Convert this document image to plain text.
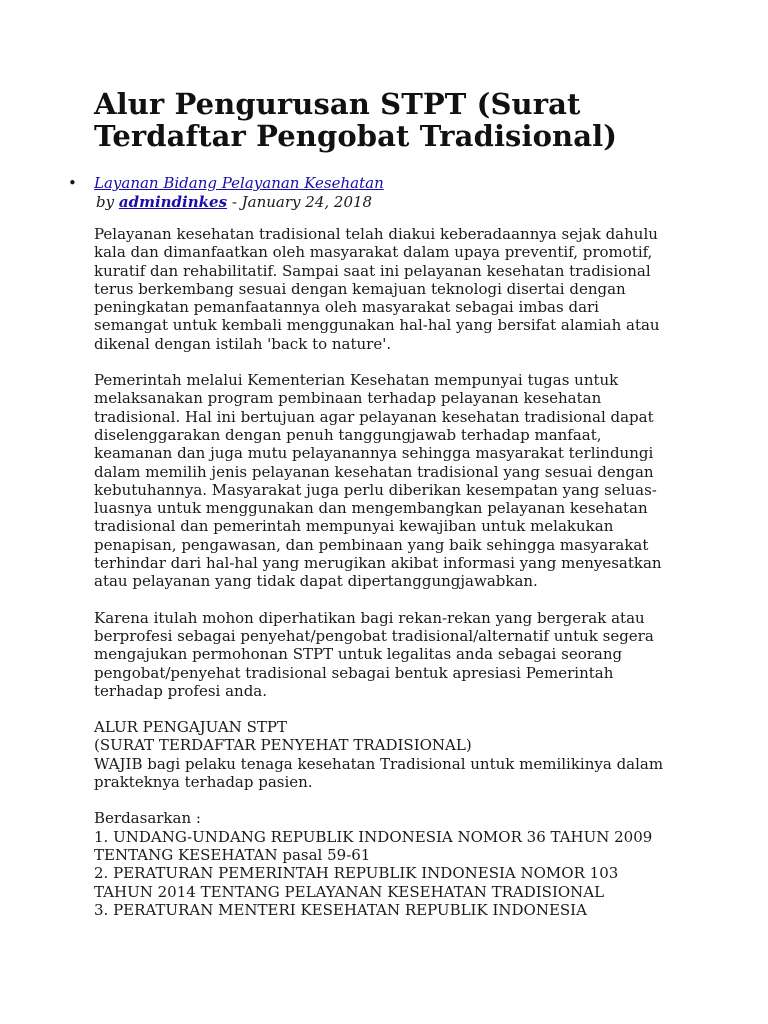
Alur Pengurusan STPT (Surat
Terdaftar Pengobat Tradisional)
• Layanan Bidang Pelayanan Kesehatan
by admindinkes - January 24, 2018

Pelayanan kesehatan tradisional telah diakui keberadaannya sejak dahulu
kala dan dimanfaatkan oleh masyarakat dalam upaya preventif, promotif,
kuratif dan rehabilitatif. Sampai saat ini pelayanan kesehatan tradisional
terus berkembang sesuai dengan kemajuan teknologi disertai dengan
peningkatan pemanfaatannya oleh masyarakat sebagai imbas dari
semangat untuk kembali menggunakan hal-hal yang bersifat alamiah atau
dikenal dengan istilah 'back to nature'.

Pemerintah melalui Kementerian Kesehatan mempunyai tugas untuk
melaksanakan program pembinaan terhadap pelayanan kesehatan
tradisional. Hal ini bertujuan agar pelayanan kesehatan tradisional dapat
diselenggarakan dengan penuh tanggungjawab terhadap manfaat,
keamanan dan juga mutu pelayanannya sehingga masyarakat terlindungi
dalam memilih jenis pelayanan kesehatan tradisional yang sesuai dengan
kebutuhannya. Masyarakat juga perlu diberikan kesempatan yang seluas-
luasnya untuk menggunakan dan mengembangkan pelayanan kesehatan
tradisional dan pemerintah mempunyai kewajiban untuk melakukan
penapisan, pengawasan, dan pembinaan yang baik sehingga masyarakat
terhindar dari hal-hal yang merugikan akibat informasi yang menyesatkan
atau pelayanan yang tidak dapat dipertanggungjawabkan.

Karena itulah mohon diperhatikan bagi rekan-rekan yang bergerak atau
berprofesi sebagai penyehat/pengobat tradisional/alternatif untuk segera
mengajukan permohonan STPT untuk legalitas anda sebagai seorang
pengobat/penyehat tradisional sebagai bentuk apresiasi Pemerintah
terhadap profesi anda.

ALUR PENGAJUAN STPT
(SURAT TERDAFTAR PENYEHAT TRADISIONAL)
WAJIB bagi pelaku tenaga kesehatan Tradisional untuk memilikinya dalam
prakteknya terhadap pasien.
Berdasarkan :
1. UNDANG-UNDANG REPUBLIK INDONESIA NOMOR 36 TAHUN 2009
TENTANG KESEHATAN pasal 59-61
2. PERATURAN PEMERINTAH REPUBLIK INDONESIA NOMOR 103
TAHUN 2014 TENTANG PELAYANAN KESEHATAN TRADISIONAL
3. PERATURAN MENTERI KESEHATAN REPUBLIK INDONESIA
